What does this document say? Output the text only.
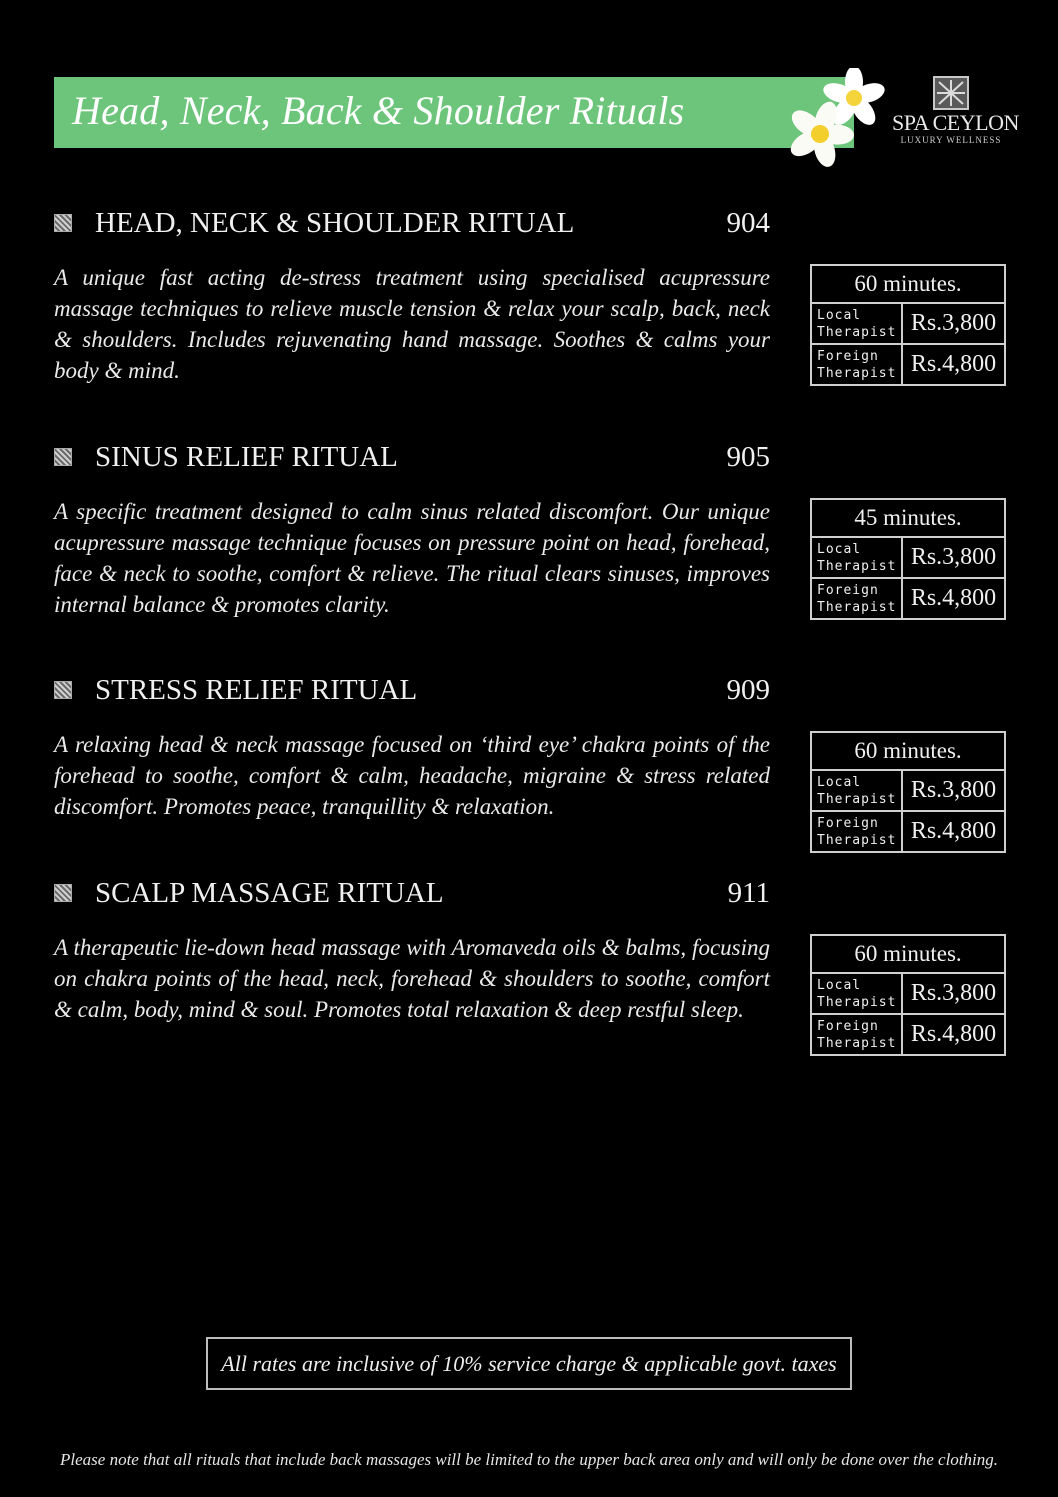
Head, Neck, Back & Shoulder Rituals	SPA CEYLON
LUXURY WELLNESS
HEAD, NECK & SHOULDER RITUAL	904
A unique fast acting de-stress treatment using specialised acupressure massage techniques to relieve muscle tension & relax your scalp, back, neck & shoulders. Includes rejuvenating hand massage. Soothes & calms your body & mind.
60 minutes.	
Local Therapist	Rs.3,800
Foreign Therapist	Rs.4,800
SINUS RELIEF RITUAL	905
A specific treatment designed to calm sinus related discomfort. Our unique acupressure massage technique focuses on pressure point on head, forehead, face & neck to soothe, comfort & relieve. The ritual clears sinuses, improves internal balance & promotes clarity.
45 minutes.	
Local Therapist	Rs.3,800
Foreign Therapist	Rs.4,800
STRESS RELIEF RITUAL	909
A relaxing head & neck massage focused on ‘third eye’ chakra points of the forehead to soothe, comfort & calm, headache, migraine & stress related discomfort. Promotes peace, tranquillity & relaxation.
60 minutes.	
Local Therapist	Rs.3,800
Foreign Therapist	Rs.4,800
SCALP MASSAGE RITUAL	911
A therapeutic lie-down head massage with Aromaveda oils & balms, focusing on chakra points of the head, neck, forehead & shoulders to soothe, comfort & calm, body, mind & soul. Promotes total relaxation & deep restful sleep.
60 minutes.	
Local Therapist	Rs.3,800
Foreign Therapist	Rs.4,800
All rates are inclusive of 10% service charge & applicable govt. taxes
Please note that all rituals that include back massages will be limited to the upper back area only and will only be done over the clothing.
